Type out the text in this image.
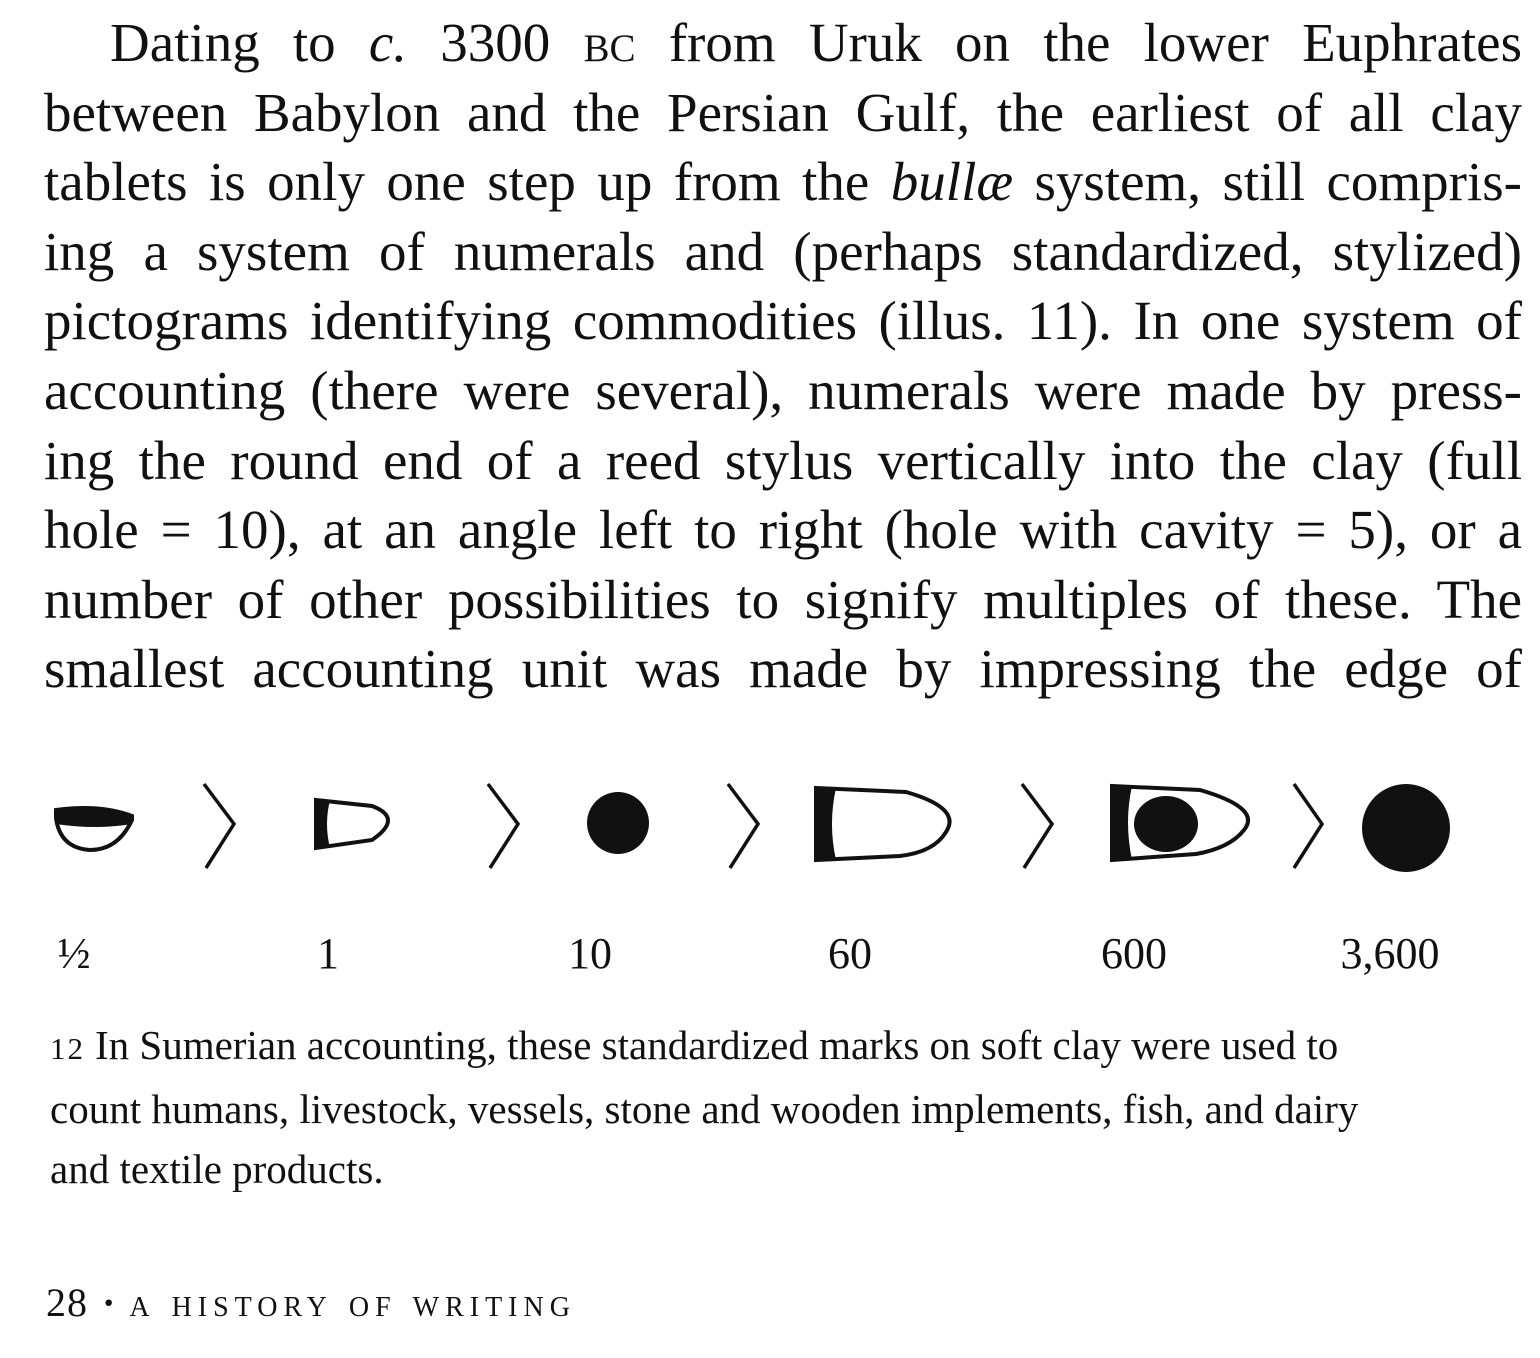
Dating to c. 3300 bc from Uruk on the lower Euphrates
between Babylon and the Persian Gulf, the earliest of all clay
tablets is only one step up from the bullæ system, still compris-
ing a system of numerals and (perhaps standardized, stylized)
pictograms identifying commodities (illus. 11). In one system of
accounting (there were several), numerals were made by press-
ing the round end of a reed stylus vertically into the clay (full
hole = 10), at an angle left to right (hole with cavity = 5), or a
number of other possibilities to signify multiples of these. The
smallest accounting unit was made by impressing the edge of
½	1	10	60	600	3,600
12 In Sumerian accounting, these standardized marks on soft clay were used to
count humans, livestock, vessels, stone and wooden implements, fish, and dairy
and textile products.
28 · a history of writing
